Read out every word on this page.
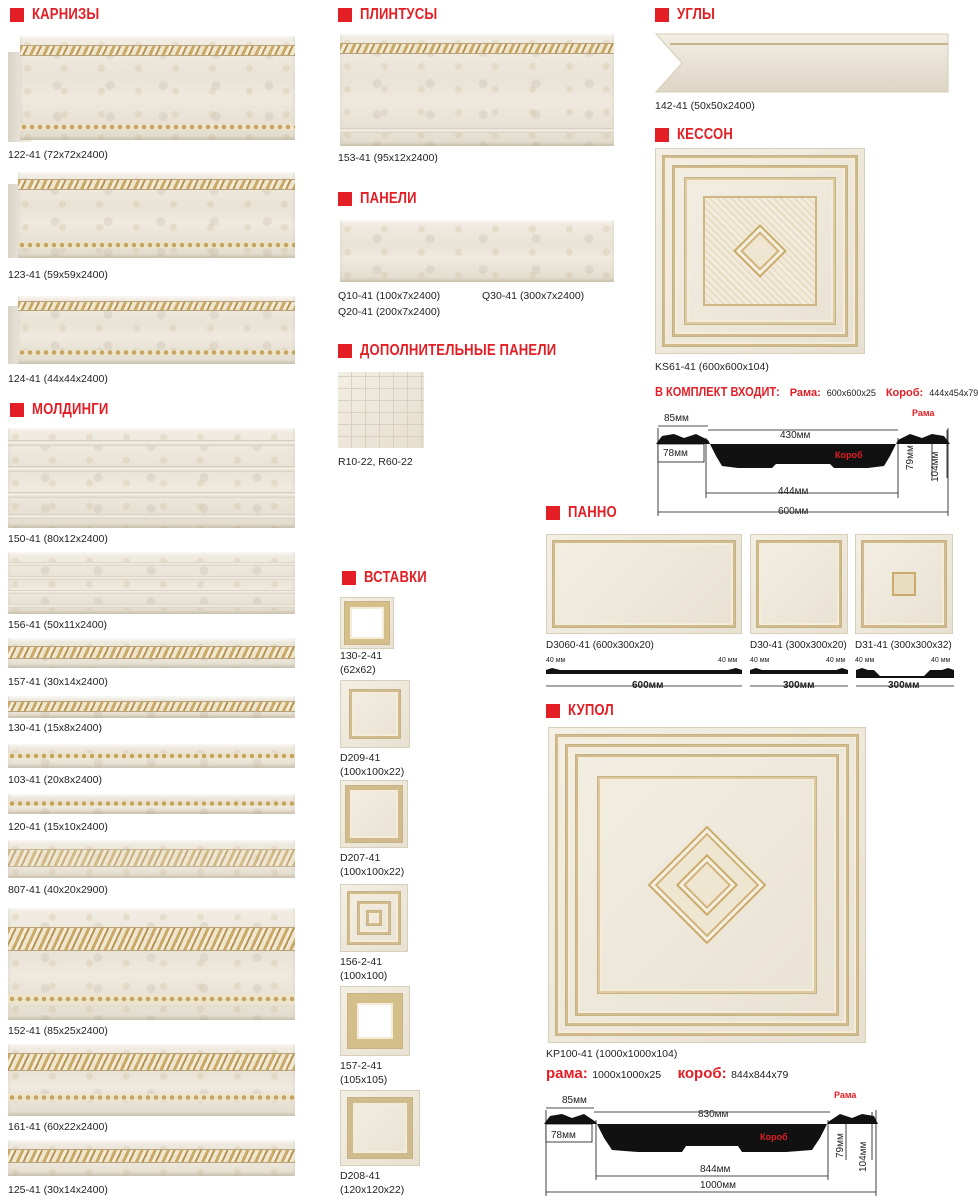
КАРНИЗЫ
122-41 (72x72x2400)
123-41 (59x59x2400)
124-41 (44x44x2400)
МОЛДИНГИ
150-41 (80x12x2400)
156-41 (50x11x2400)
157-41 (30x14x2400)
130-41 (15x8x2400)
103-41 (20x8x2400)
120-41 (15x10x2400)
807-41 (40x20x2900)
152-41 (85x25x2400)
161-41 (60x22x2400)
125-41 (30x14x2400)
ПЛИНТУСЫ
153-41 (95x12x2400)
ПАНЕЛИ
Q10-41 (100x7x2400)	Q30-41 (300x7x2400)
Q20-41 (200x7x2400)
ДОПОЛНИТЕЛЬНЫЕ ПАНЕЛИ
R10-22, R60-22
ВСТАВКИ
130-2-41
(62x62)
D209-41
(100x100x22)
D207-41
(100x100x22)
156-2-41
(100x100)
157-2-41
(105x105)
D208-41
(120x120x22)
УГЛЫ
142-41 (50x50x2400)
КЕССОН
KS61-41 (600x600x104)
В КОМПЛЕКТ ВХОДИТ: Рама: 600x600x25 Короб: 444x454x79
85мм
430мм
78мм
444мм
600мм
Рама
Короб	79мм 104мм
ПАННО
D3060-41 (600x300x20)	D30-41 (300x300x20) D31-41 (300x300x32)
40 мм	40 мм 40 мм	40 мм 40 мм	40 мм
600мм	300мм	300мм
КУПОЛ
KP100-41 (1000x1000x104)
рама: 1000x1000x25 короб: 844x844x79
85мм
830мм
78мм
844мм
1000мм
Рама
Короб	79мм 104мм
